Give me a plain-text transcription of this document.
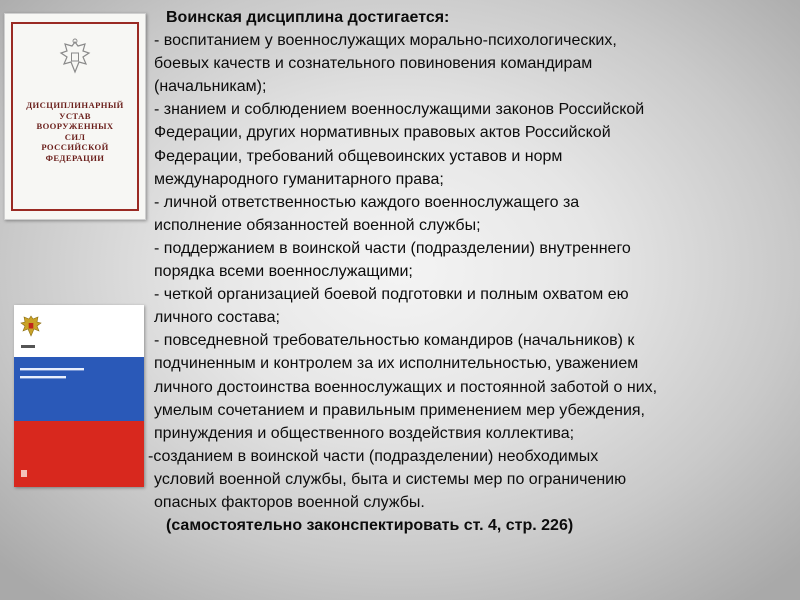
ДИСЦИПЛИНАРНЫЙ
УСТАВ
ВООРУЖЕННЫХ
СИЛ
РОССИЙСКОЙ
ФЕДЕРАЦИИ
Воинская дисциплина достигается:
- воспитанием у военнослужащих морально-психологических,
боевых качеств и сознательного повиновения командирам
(начальникам);
- знанием и соблюдением военнослужащими законов Российской
Федерации, других нормативных правовых актов Российской
Федерации, требований общевоинских уставов и норм
международного гуманитарного права;
- личной ответственностью каждого военнослужащего за
исполнение обязанностей военной службы;
- поддержанием в воинской части (подразделении) внутреннего
порядка всеми военнослужащими;
- четкой организацией боевой подготовки и полным охватом ею
личного состава;
- повседневной требовательностью командиров (начальников) к
подчиненным и контролем за их исполнительностью, уважением
личного достоинства военнослужащих и постоянной заботой о них,
умелым сочетанием и правильным применением мер убеждения,
принуждения и общественного воздействия коллектива;
-созданием в воинской части (подразделении) необходимых
условий военной службы, быта и системы мер по ограничению
опасных факторов военной службы.
(самостоятельно законспектировать ст. 4, стр. 226)
